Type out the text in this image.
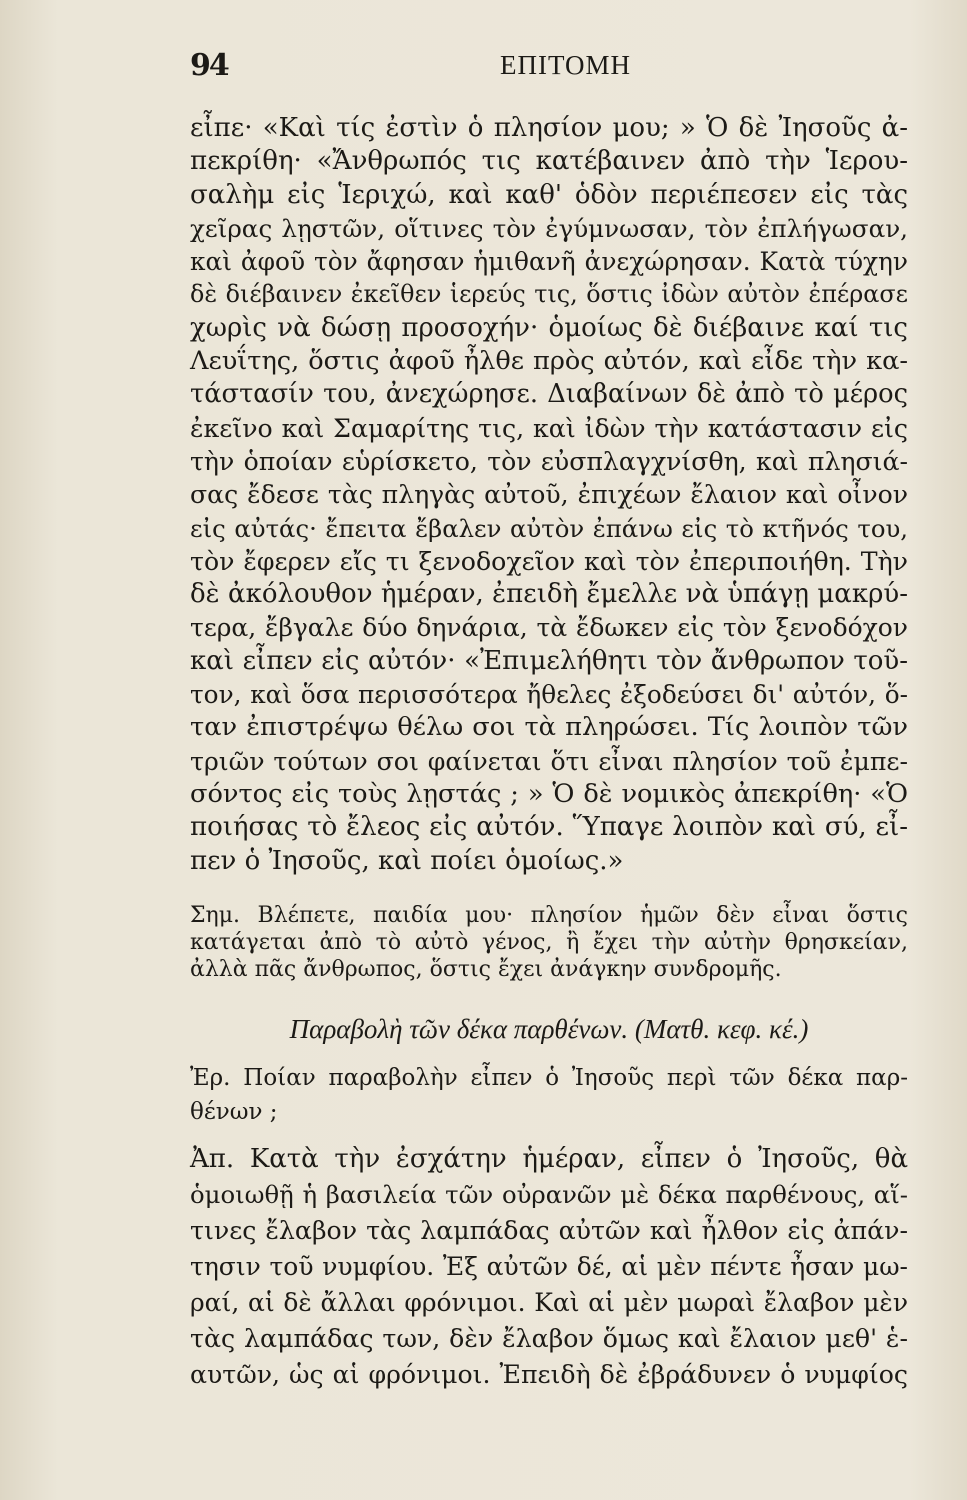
94	ΕΠΙΤΟΜΗ
εἶπε· «Καὶ τίς ἐστὶν ὁ πλησίον μου; » Ὁ δὲ Ἰησοῦς ἀ-
πεκρίθη· «Ἄνθρωπός τις κατέβαινεν ἀπὸ τὴν Ἱερου-
σαλὴμ εἰς Ἱεριχώ, καὶ καθ' ὁδὸν περιέπεσεν εἰς τὰς
χεῖρας λῃστῶν, οἵτινες τὸν ἐγύμνωσαν, τὸν ἐπλήγωσαν,
καὶ ἀφοῦ τὸν ἄφησαν ἡμιθανῆ ἀνεχώρησαν. Κατὰ τύχην
δὲ διέβαινεν ἐκεῖθεν ἱερεύς τις, ὅστις ἰδὼν αὐτὸν ἐπέρασε
χωρὶς νὰ δώσῃ προσοχήν· ὁμοίως δὲ διέβαινε καί τις
Λευΐτης, ὅστις ἀφοῦ ἦλθε πρὸς αὐτόν, καὶ εἶδε τὴν κα-
τάστασίν του, ἀνεχώρησε. Διαβαίνων δὲ ἀπὸ τὸ μέρος
ἐκεῖνο καὶ Σαμαρίτης τις, καὶ ἰδὼν τὴν κατάστασιν εἰς
τὴν ὁποίαν εὑρίσκετο, τὸν εὐσπλαγχνίσθη, καὶ πλησιά-
σας ἔδεσε τὰς πληγὰς αὐτοῦ, ἐπιχέων ἔλαιον καὶ οἶνον
εἰς αὐτάς· ἔπειτα ἔβαλεν αὐτὸν ἐπάνω εἰς τὸ κτῆνός του,
τὸν ἔφερεν εἴς τι ξενοδοχεῖον καὶ τὸν ἐπεριποιήθη. Τὴν
δὲ ἀκόλουθον ἡμέραν, ἐπειδὴ ἔμελλε νὰ ὑπάγῃ μακρύ-
τερα, ἔβγαλε δύο δηνάρια, τὰ ἔδωκεν εἰς τὸν ξενοδόχον
καὶ εἶπεν εἰς αὐτόν· «Ἐπιμελήθητι τὸν ἄνθρωπον τοῦ-
τον, καὶ ὅσα περισσότερα ἤθελες ἐξοδεύσει δι' αὐτόν, ὅ-
ταν ἐπιστρέψω θέλω σοι τὰ πληρώσει. Τίς λοιπὸν τῶν
τριῶν τούτων σοι φαίνεται ὅτι εἶναι πλησίον τοῦ ἐμπε-
σόντος εἰς τοὺς λῃστάς ; » Ὁ δὲ νομικὸς ἀπεκρίθη· «Ὁ
ποιήσας τὸ ἔλεος εἰς αὐτόν. Ὕπαγε λοιπὸν καὶ σύ, εἶ-
πεν ὁ Ἰησοῦς, καὶ ποίει ὁμοίως.»
Σημ. Βλέπετε, παιδία μου· πλησίον ἡμῶν δὲν εἶναι ὅστις
κατάγεται ἀπὸ τὸ αὐτὸ γένος, ἢ ἔχει τὴν αὐτὴν θρησκείαν,
ἀλλὰ πᾶς ἄνθρωπος, ὅστις ἔχει ἀνάγκην συνδρομῆς.
Παραβολὴ τῶν δέκα παρθένων. (Ματθ. κεφ. κέ.)
Ἐρ. Ποίαν παραβολὴν εἶπεν ὁ Ἰησοῦς περὶ τῶν δέκα παρ-
θένων ;
Ἀπ. Κατὰ τὴν ἐσχάτην ἡμέραν, εἶπεν ὁ Ἰησοῦς, θὰ
ὁμοιωθῇ ἡ βασιλεία τῶν οὐρανῶν μὲ δέκα παρθένους, αἵ-
τινες ἔλαβον τὰς λαμπάδας αὐτῶν καὶ ἦλθον εἰς ἀπάν-
τησιν τοῦ νυμφίου. Ἐξ αὐτῶν δέ, αἱ μὲν πέντε ἦσαν μω-
ραί, αἱ δὲ ἄλλαι φρόνιμοι. Καὶ αἱ μὲν μωραὶ ἔλαβον μὲν
τὰς λαμπάδας των, δὲν ἔλαβον ὅμως καὶ ἔλαιον μεθ' ἑ-
αυτῶν, ὡς αἱ φρόνιμοι. Ἐπειδὴ δὲ ἐβράδυνεν ὁ νυμφίος
